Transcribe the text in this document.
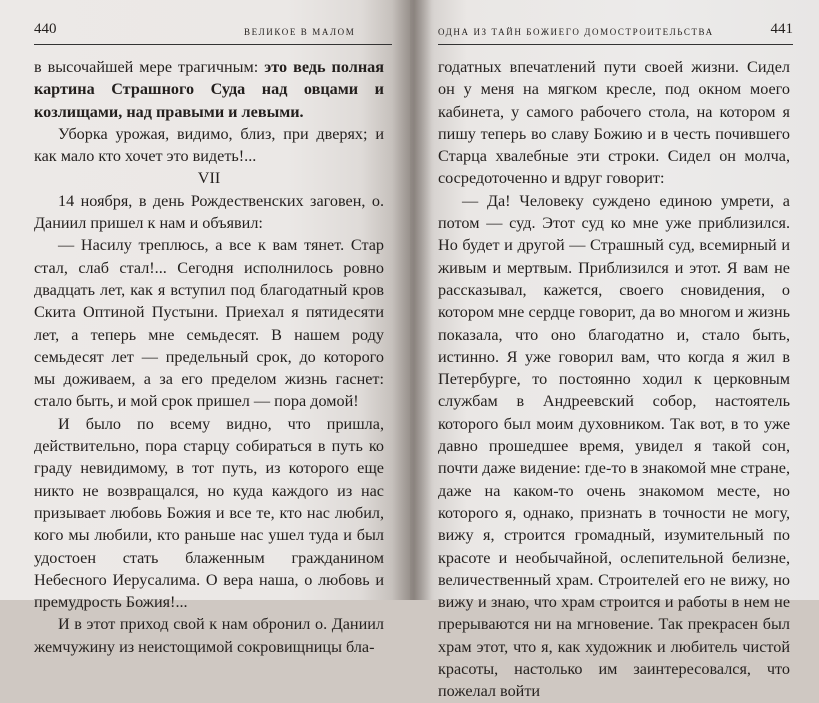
440	ВЕЛИКОЕ В МАЛОМ

в высочайшей мере трагичным: это ведь полная картина Страшного Суда над овцами и козлищами, над правыми и левыми.

Уборка урожая, видимо, близ, при дверях; и как мало кто хочет это видеть!...

VII

14 ноября, в день Рождественских заговен, о. Даниил пришел к нам и объявил:

— Насилу треплюсь, а все к вам тянет. Стар стал, слаб стал!... Сегодня исполнилось ровно двадцать лет, как я вступил под благодатный кров Скита Оптиной Пустыни. Приехал я пятидесяти лет, а теперь мне семьдесят. В нашем роду семьдесят лет — предельный срок, до которого мы доживаем, а за его пределом жизнь гаснет: стало быть, и мой срок пришел — пора домой!

И было по всему видно, что пришла, действительно, пора старцу собираться в путь ко граду невидимому, в тот путь, из которого еще никто не возвращался, но куда каждого из нас призывает любовь Божия и все те, кто нас любил, кого мы любили, кто раньше нас ушел туда и был удостоен стать блаженным гражданином Небесного Иерусалима. О вера наша, о любовь и премудрость Божия!...

И в этот приход свой к нам обронил о. Даниил жемчужину из неистощимой сокровищницы бла-

ОДНА ИЗ ТАЙН БОЖИЕГО ДОМОСТРОИТЕЛЬСТВА	441

годатных впечатлений пути своей жизни. Сидел он у меня на мягком кресле, под окном моего кабинета, у самого рабочего стола, на котором я пишу теперь во славу Божию и в честь почившего Старца хвалебные эти строки. Сидел он молча, сосредоточенно и вдруг говорит:

— Да! Человеку суждено единою умрети, а потом — суд. Этот суд ко мне уже приблизился. Но будет и другой — Страшный суд, всемирный и живым и мертвым. Приблизился и этот. Я вам не рассказывал, кажется, своего сновидения, о котором мне сердце говорит, да во многом и жизнь показала, что оно благодатно и, стало быть, истинно. Я уже говорил вам, что когда я жил в Петербурге, то постоянно ходил к церковным службам в Андреевский собор, настоятель которого был моим духовником. Так вот, в то уже давно прошедшее время, увидел я такой сон, почти даже видение: где-то в знакомой мне стране, даже на каком-то очень знакомом месте, но которого я, однако, признать в точности не могу, вижу я, строится громадный, изумительный по красоте и необычайной, ослепительной белизне, величественный храм. Строителей его не вижу, но вижу и знаю, что храм строится и работы в нем не прерываются ни на мгновение. Так прекрасен был храм этот, что я, как художник и любитель чистой красоты, настолько им заинтересовался, что пожелал войти
